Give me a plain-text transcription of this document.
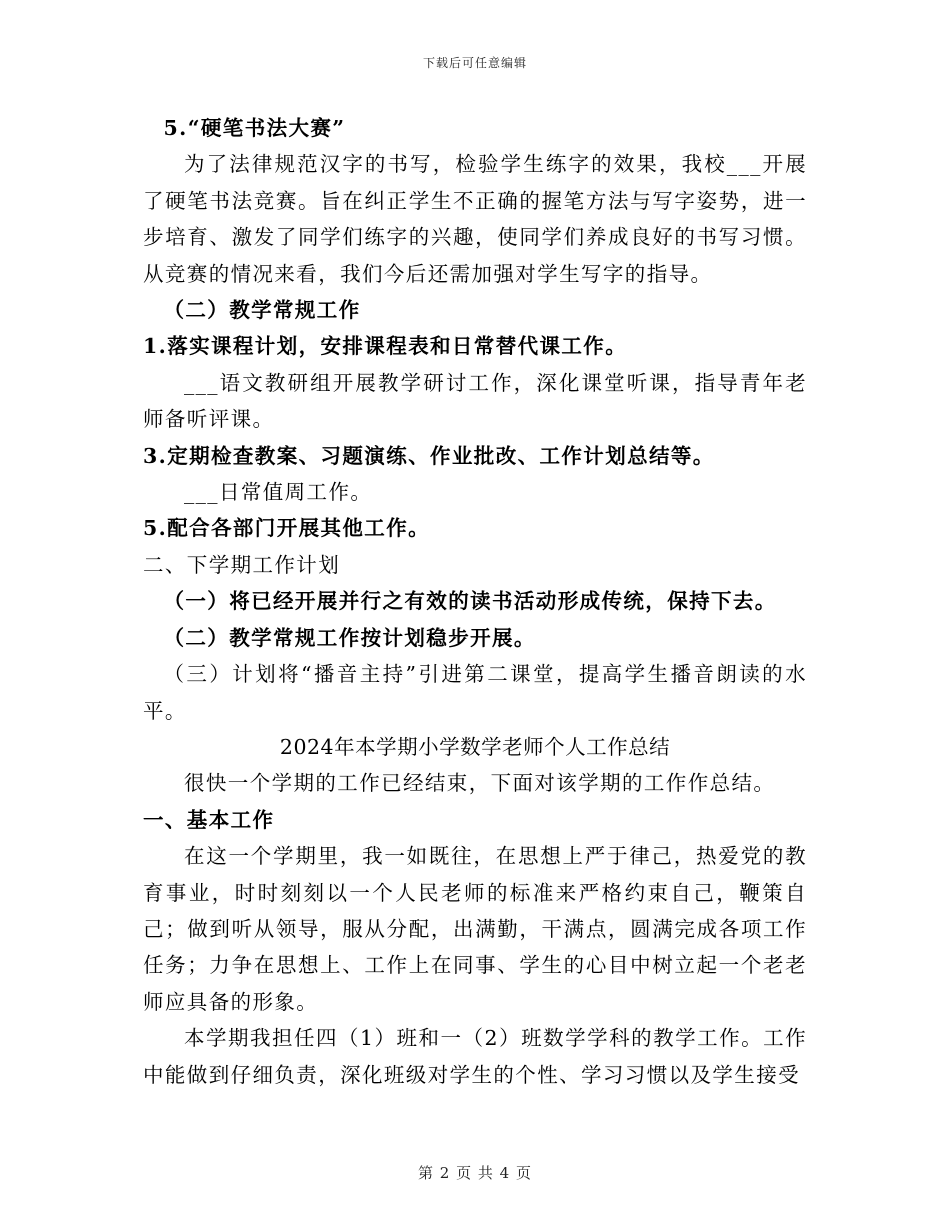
下载后可任意编辑

5.“硬笔书法大赛”

为了法律规范汉字的书写，检验学生练字的效果，我校___开展了硬笔书法竞赛。旨在纠正学生不正确的握笔方法与写字姿势，进一步培育、激发了同学们练字的兴趣，使同学们养成良好的书写习惯。从竞赛的情况来看，我们今后还需加强对学生写字的指导。

（二）教学常规工作

1.落实课程计划，安排课程表和日常替代课工作。

___语文教研组开展教学研讨工作，深化课堂听课，指导青年老师备听评课。

3.定期检查教案、习题演练、作业批改、工作计划总结等。

___日常值周工作。

5.配合各部门开展其他工作。

二、下学期工作计划

（一）将已经开展并行之有效的读书活动形成传统，保持下去。

（二）教学常规工作按计划稳步开展。

（三）计划将“播音主持”引进第二课堂，提高学生播音朗读的水平。

2024年本学期小学数学老师个人工作总结

很快一个学期的工作已经结束，下面对该学期的工作作总结。

一、基本工作

在这一个学期里，我一如既往，在思想上严于律己，热爱党的教育事业，时时刻刻以一个人民老师的标准来严格约束自己，鞭策自己；做到听从领导，服从分配，出满勤，干满点，圆满完成各项工作任务；力争在思想上、工作上在同事、学生的心目中树立起一个老老师应具备的形象。

本学期我担任四（1）班和一（2）班数学学科的教学工作。工作中能做到仔细负责，深化班级对学生的个性、学习习惯以及学生接受

第 2 页 共 4 页
